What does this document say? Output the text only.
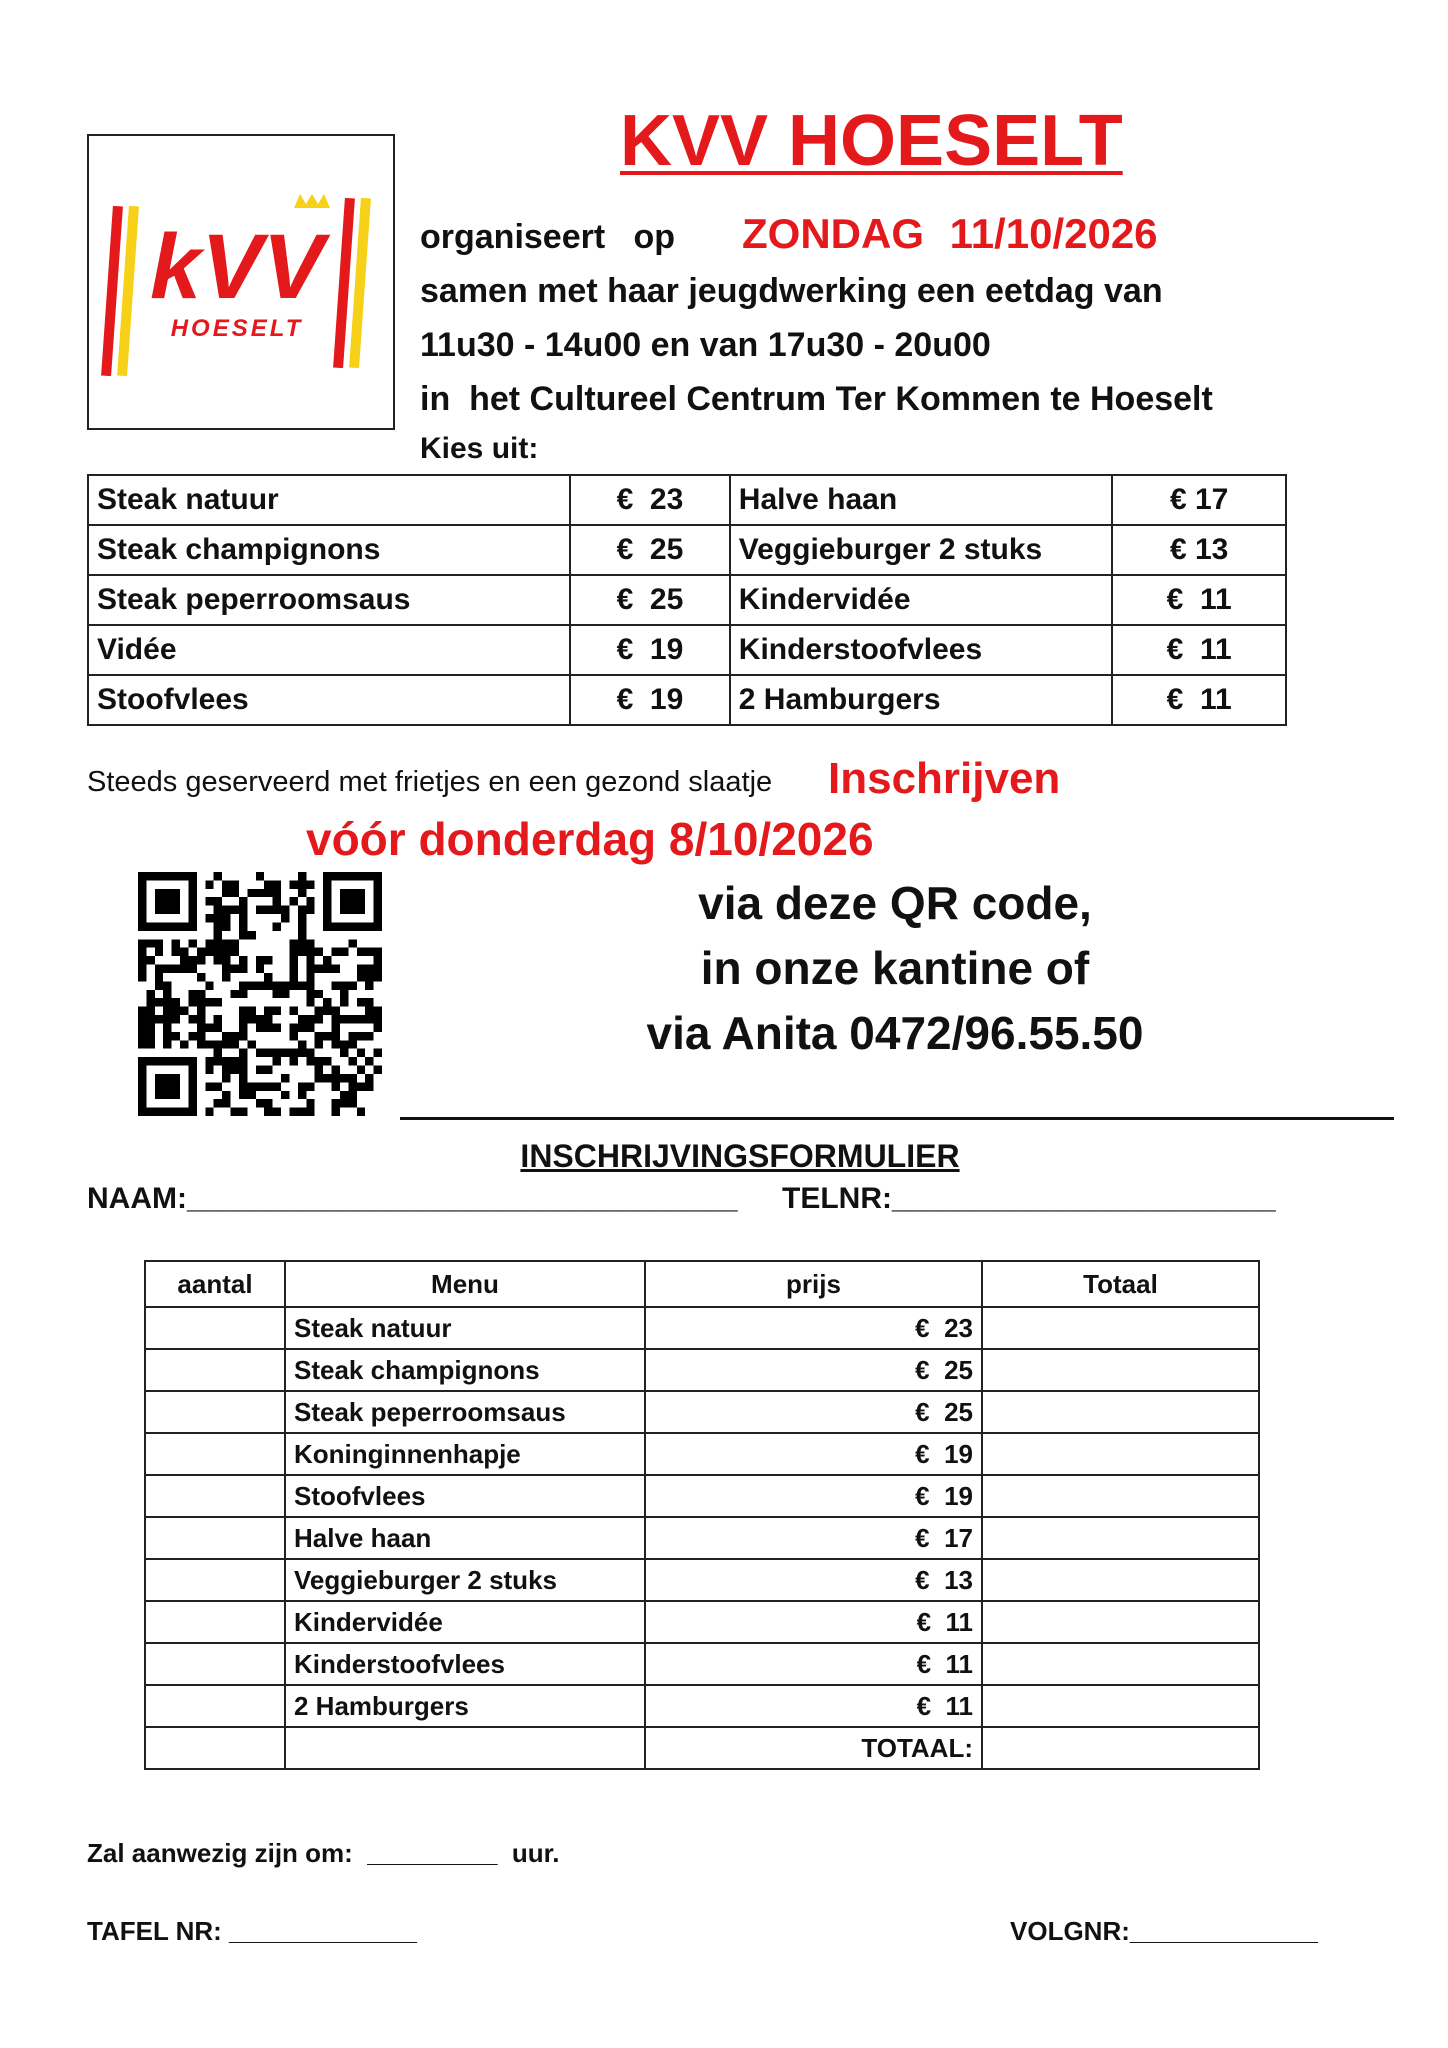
kVV
HOESELT
KVV HOESELT
organiseert   op ZONDAG 11/10/2026
samen met haar jeugdwerking een eetdag van
11u30 - 14u00 en van 17u30 - 20u00
in  het Cultureel Centrum Ter Kommen te Hoeselt
Kies uit:
Steak natuur	€  23	Halve haan	€ 17
Steak champignons	€  25	Veggieburger 2 stuks	€ 13
Steak peperroomsaus	€  25	Kindervidée	€  11
Vidée	€  19	Kinderstoofvlees	€  11
Stoofvlees	€  19	2 Hamburgers	€  11
Steeds geserveerd met frietjes en een gezond slaatje Inschrijven
vóór donderdag 8/10/2026
via deze QR code,
in onze kantine of
via Anita 0472/96.55.50
INSCHRIJVINGSFORMULIER
NAAM:_________________________________ TELNR:_______________________
aantal	Menu	prijs	Totaal
	Steak natuur	€  23	
	Steak champignons	€  25	
	Steak peperroomsaus	€  25	
	Koninginnenhapje	€  19	
	Stoofvlees	€  19	
	Halve haan	€  17	
	Veggieburger 2 stuks	€  13	
	Kindervidée	€  11	
	Kinderstoofvlees	€  11	
	2 Hamburgers	€  11	
		TOTAAL:	
Zal aanwezig zijn om:  _________  uur.
TAFEL NR: _____________	VOLGNR:_____________
